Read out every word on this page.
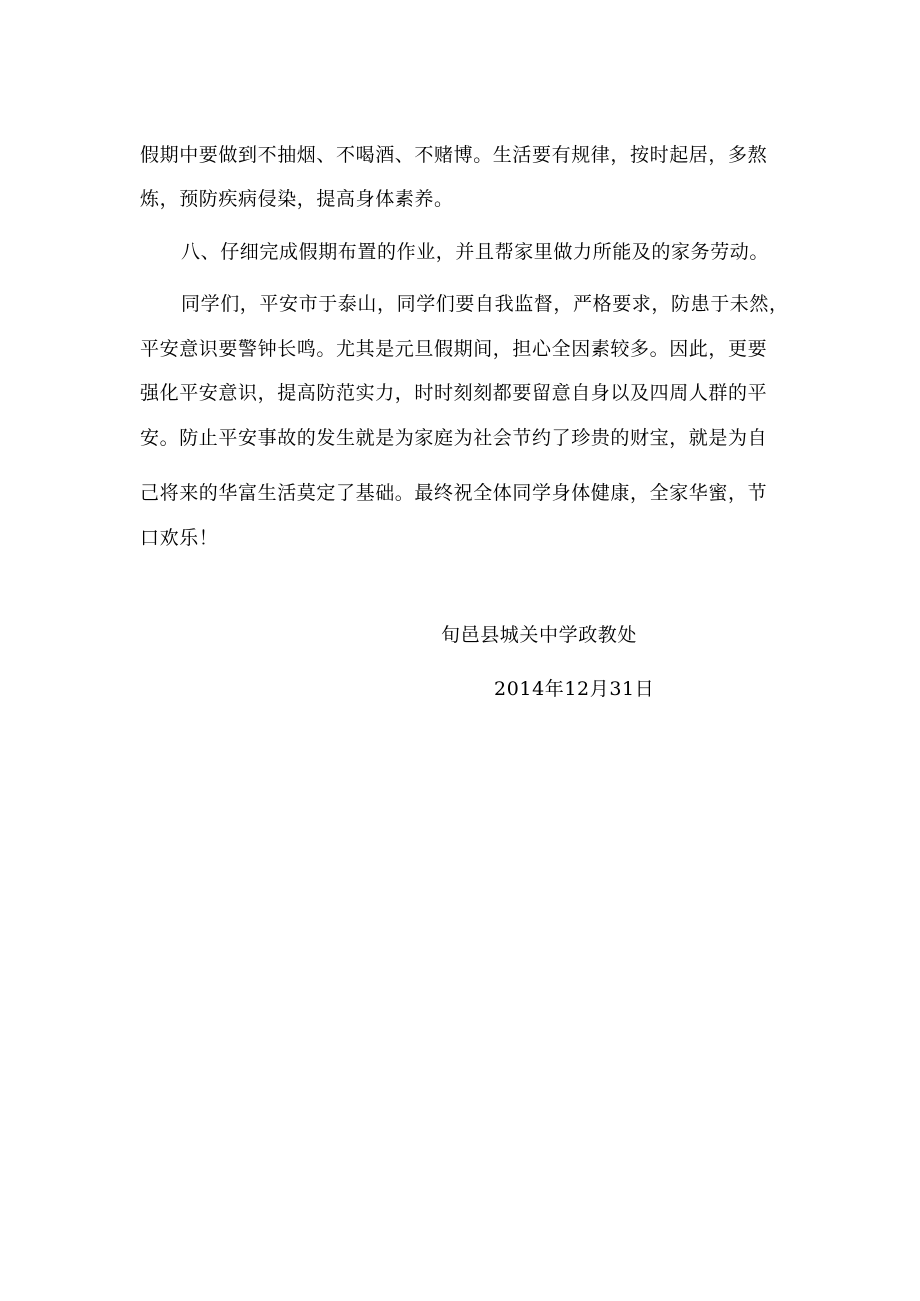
假期中要做到不抽烟、不喝酒、不赌博。生活要有规律，按时起居，多熬
炼，预防疾病侵染，提高身体素养。
八、仔细完成假期布置的作业，并且帮家里做力所能及的家务劳动。
同学们，平安市于泰山，同学们要自我监督，严格要求，防患于未然，
平安意识要警钟长鸣。尤其是元旦假期间，担心全因素较多。因此，更要
强化平安意识，提高防范实力，时时刻刻都要留意自身以及四周人群的平
安。防止平安事故的发生就是为家庭为社会节约了珍贵的财宝，就是为自
己将来的华富生活莫定了基础。最终祝全体同学身体健康，全家华蜜，节
口欢乐！
旬邑县城关中学政教处
2014年12月31日
